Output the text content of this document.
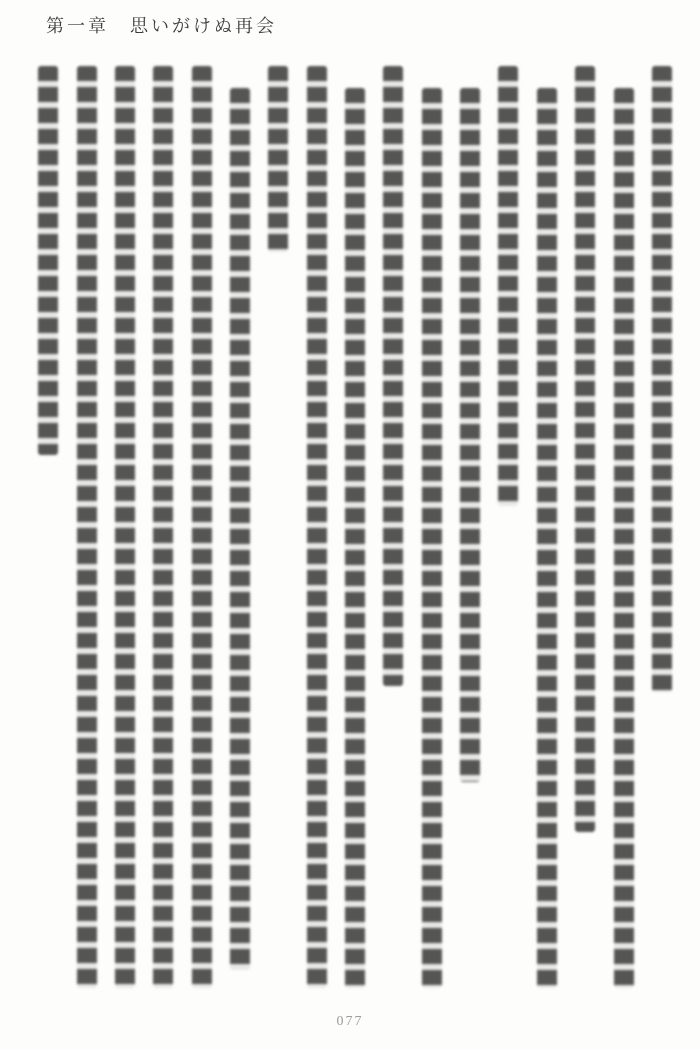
第一章　思いがけぬ再会
077
